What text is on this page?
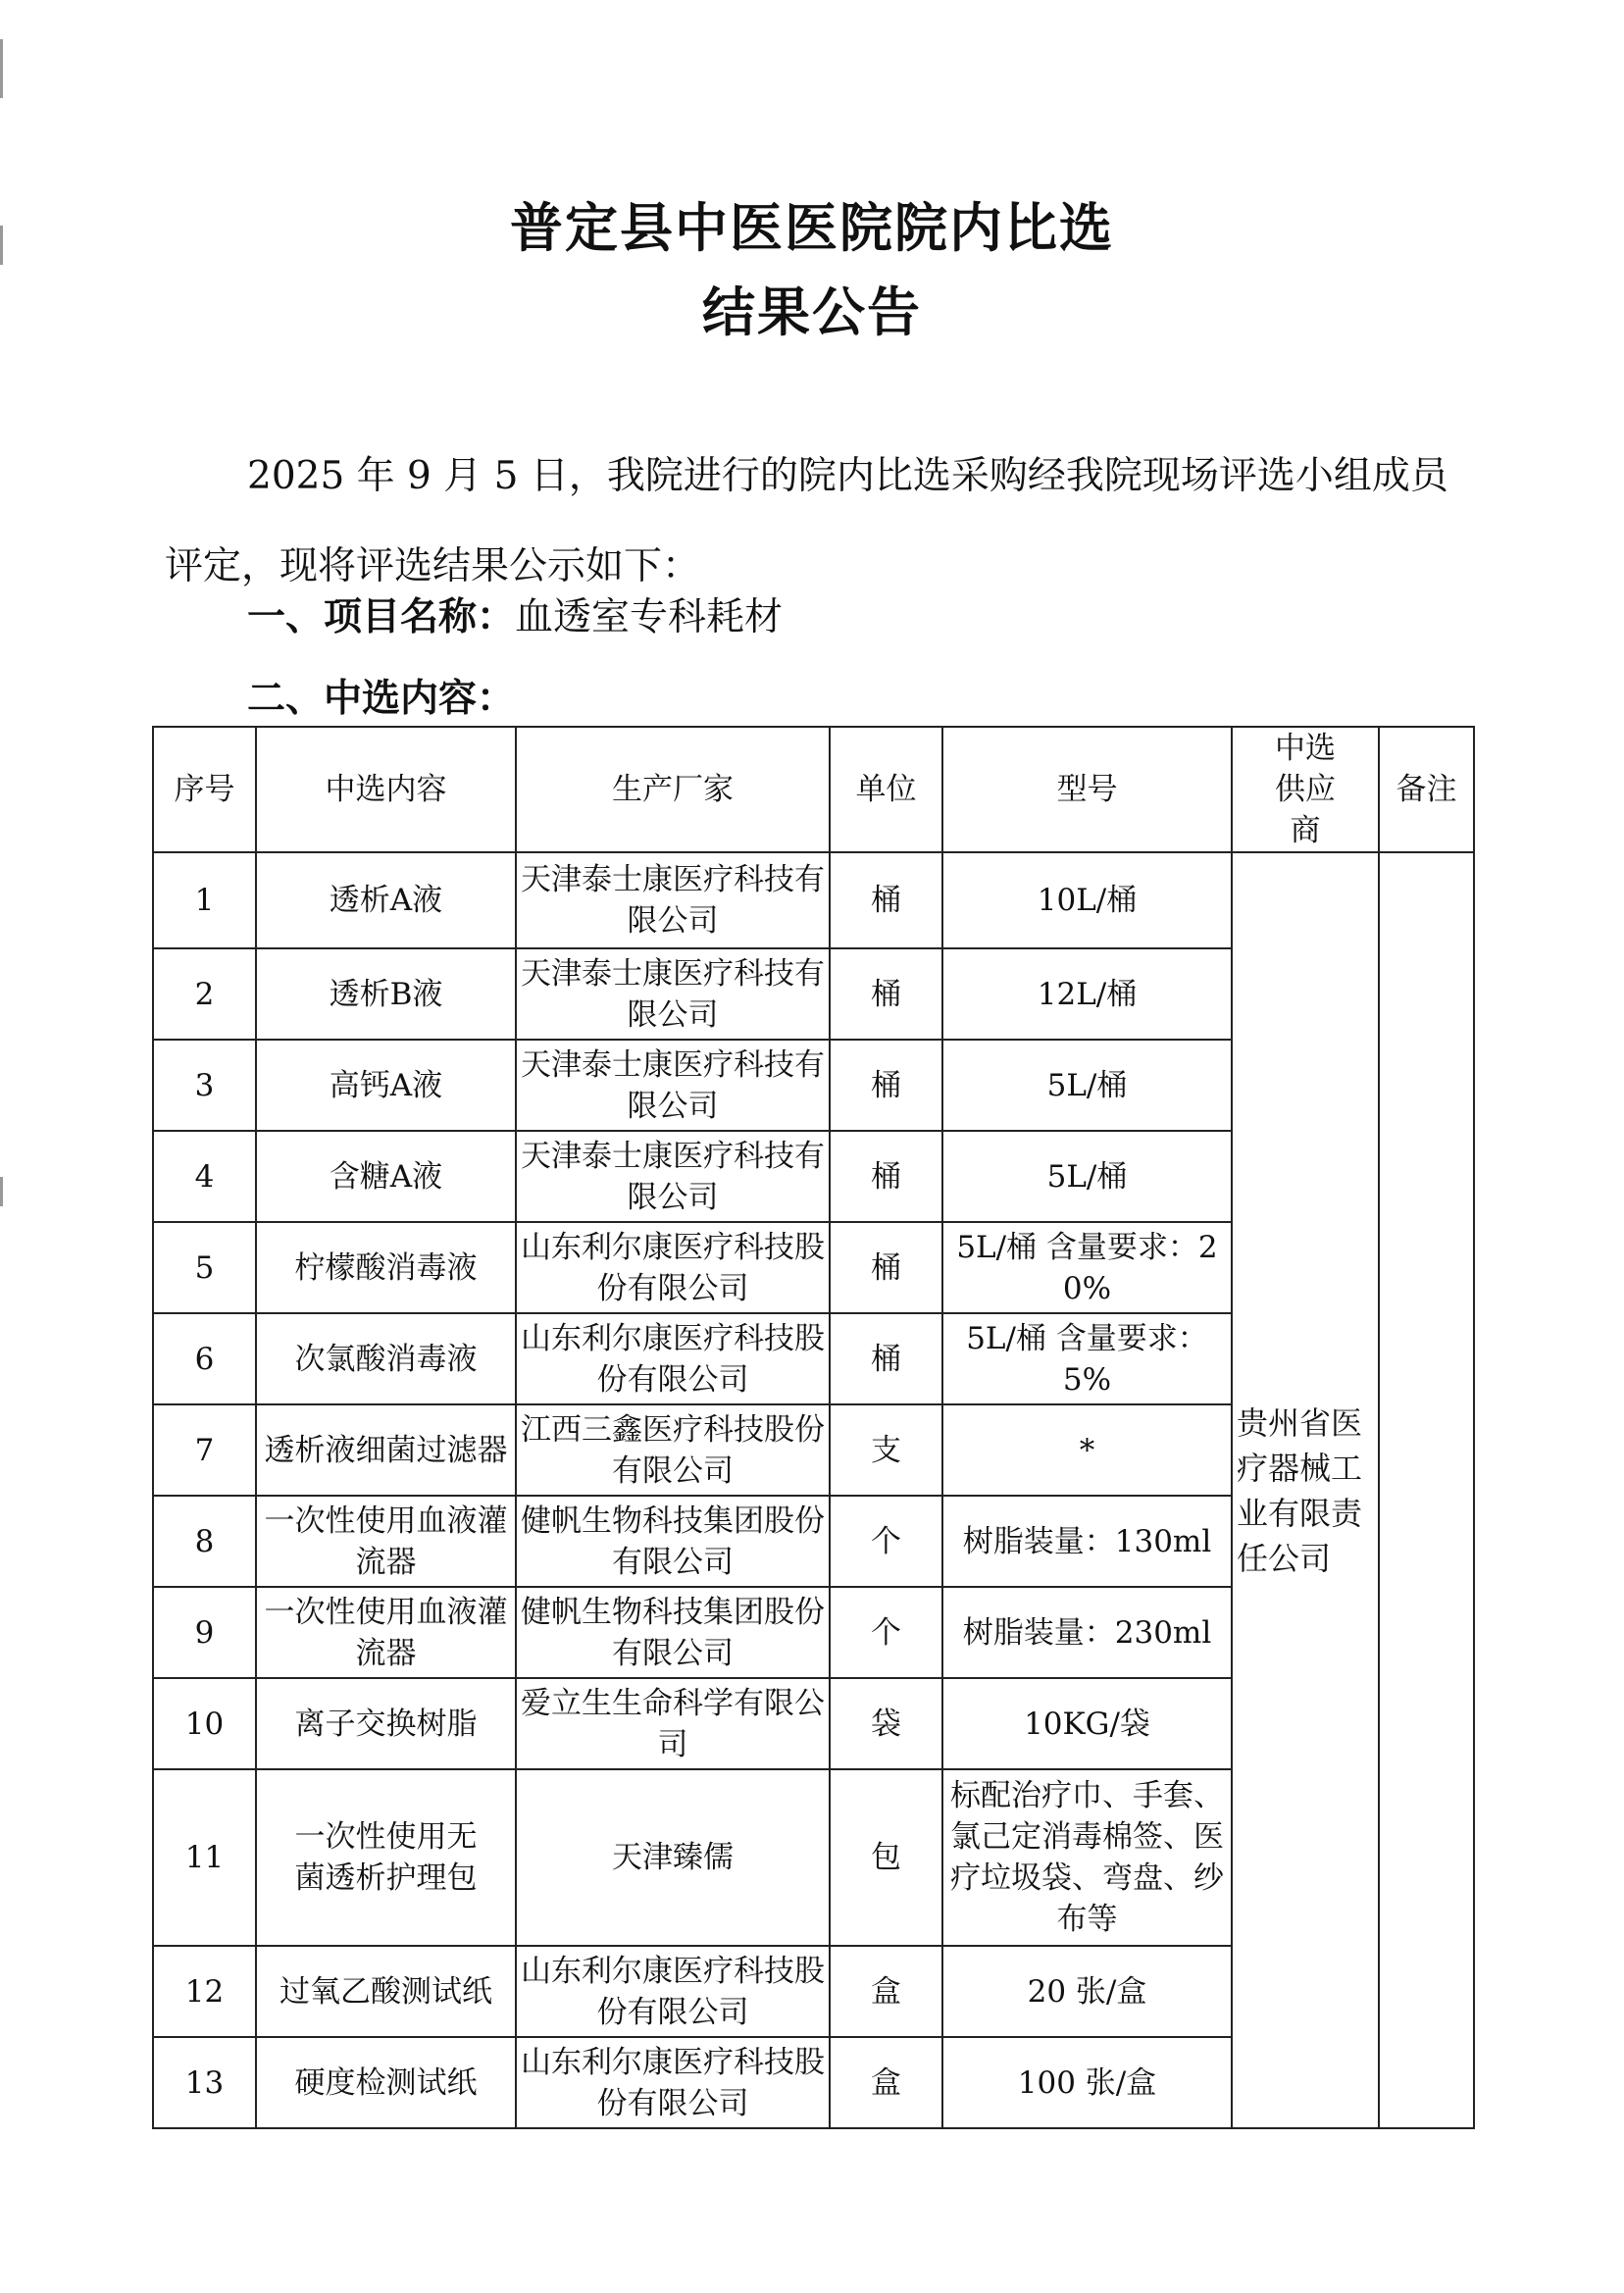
普定县中医医院院内比选
结果公告

2025 年 9 月 5 日，我院进行的院内比选采购经我院现场评选小组成员评定，现将评选结果公示如下：

一、项目名称：血透室专科耗材
二、中选内容：
序号	中选内容	生产厂家	单位	型号	中选供应商	备注
1	透析A液	天津泰士康医疗科技有限公司	桶	10L/桶	贵州省医疗器械工业有限责任公司	
2	透析B液	天津泰士康医疗科技有限公司	桶	12L/桶		
3	高钙A液	天津泰士康医疗科技有限公司	桶	5L/桶		
4	含糖A液	天津泰士康医疗科技有限公司	桶	5L/桶		
5	柠檬酸消毒液	山东利尔康医疗科技股份有限公司	桶	5L/桶 含量要求：20%		
6	次氯酸消毒液	山东利尔康医疗科技股份有限公司	桶	5L/桶 含量要求：5%		
7	透析液细菌过滤器	江西三鑫医疗科技股份有限公司	支	*		
8	一次性使用血液灌流器	健帆生物科技集团股份有限公司	个	树脂装量：130ml		
9	一次性使用血液灌流器	健帆生物科技集团股份有限公司	个	树脂装量：230ml		
10	离子交换树脂	爱立生生命科学有限公司	袋	10KG/袋		
11	一次性使用无菌透析护理包	天津臻儒	包	标配治疗巾、手套、氯己定消毒棉签、医疗垃圾袋、弯盘、纱布等		
12	过氧乙酸测试纸	山东利尔康医疗科技股份有限公司	盒	20 张/盒		
13	硬度检测试纸	山东利尔康医疗科技股份有限公司	盒	100 张/盒		
